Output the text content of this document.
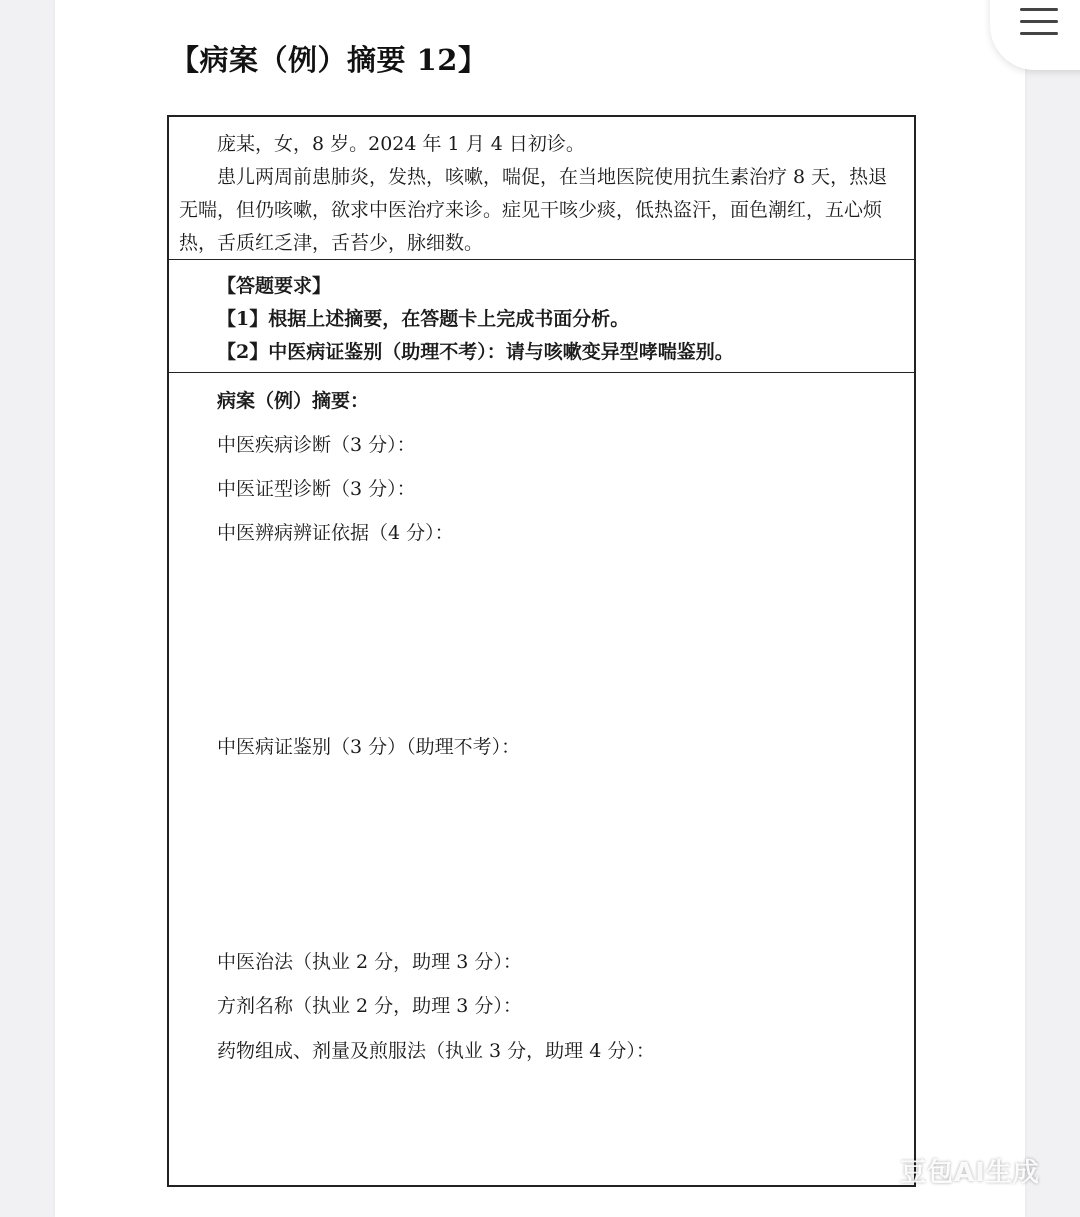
【病案（例）摘要 12】
庞某，女，8 岁。2024 年 1 月 4 日初诊。
患儿两周前患肺炎，发热，咳嗽，喘促，在当地医院使用抗生素治疗 8 天，热退
无喘，但仍咳嗽，欲求中医治疗来诊。症见干咳少痰，低热盗汗，面色潮红，五心烦
热，舌质红乏津，舌苔少，脉细数。
【答题要求】
【1】根据上述摘要，在答题卡上完成书面分析。
【2】中医病证鉴别（助理不考）：请与咳嗽变异型哮喘鉴别。
病案（例）摘要：
中医疾病诊断（3 分）：
中医证型诊断（3 分）：
中医辨病辨证依据（4 分）：
中医病证鉴别（3 分）（助理不考）：
中医治法（执业 2 分，助理 3 分）：
方剂名称（执业 2 分，助理 3 分）：
药物组成、剂量及煎服法（执业 3 分，助理 4 分）：
豆包AI生成
